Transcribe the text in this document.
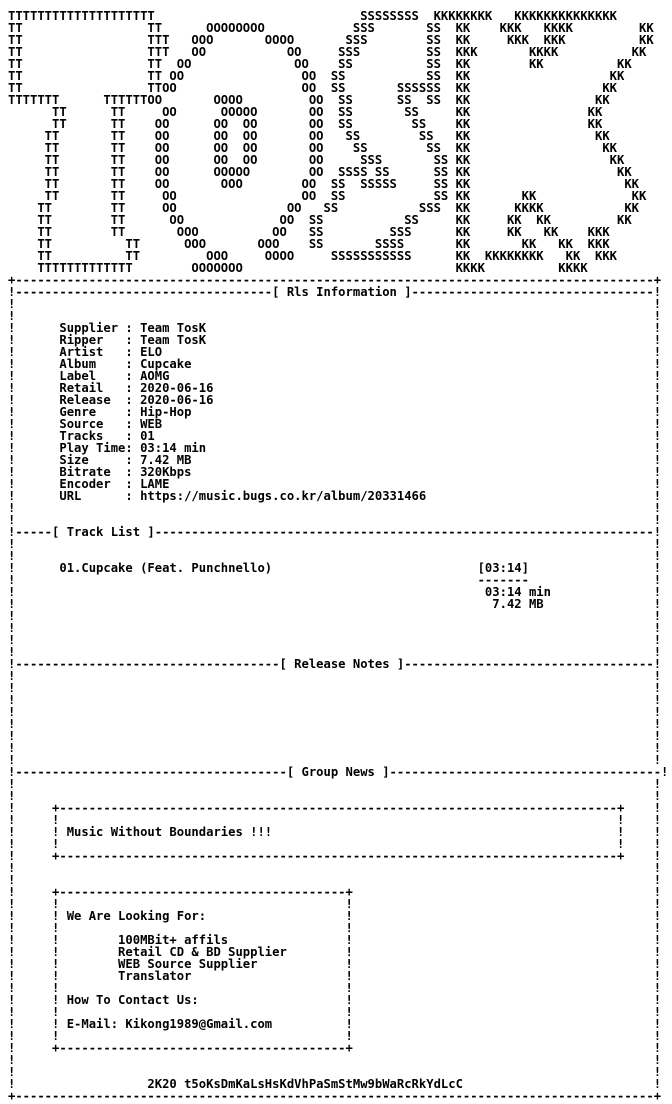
TTTTTTTTTTTTTTTTTTTT                            SSSSSSSS  KKKKKKKK   KKKKKKKKKKKKKK
TT                 TT      OOOOOOOO            SSS       SS  KK    KKK   KKKK         KK
TT                 TTT   OOO       OOOO       SSS        SS  KK     KKK  KKK          KK
TT                 TTT   OO           OO     SSS         SS  KKK       KKKK          KK
TT                 TT  OO              OO    SS          SS  KK        KK          KK
TT                 TT OO                OO  SS           SS  KK                   KK
TT                 TTOO                 OO  SS       SSSSSS  KK                  KK
TTTTTTT      TTTTTTOO       OOOO         OO  SS      SS  SS  KK                 KK
TT      TT     OO      OOOOO       OO  SS       SS     KK                KK
TT      TT    OO      OO  OO       OO  SS        SS    KK                KK
TT       TT    OO      OO  OO       OO   SS        SS   KK                 KK
TT       TT    OO      OO  OO       OO    SS        SS  KK                  KK
TT       TT    OO      OO  OO       OO     SSS       SS KK                   KK
TT       TT    OO      OOOOO        OO  SSSS SS      SS KK                    KK
TT       TT    OO       OOO        OO  SS  SSSSS     SS KK                     KK
TT       TT     OO                 OO  SS            SS KK       KK             KK
TT        TT     OO               OO   SS           SSS  KK      KKKK           KK
TT        TT      OO             OO  SS           SS     KK     KK  KK         KK
TT        TT       OOO          OO   SS         SSS      KK     KK   KK    KKK
TT          TT      OOO       OOO    SS       SSSS       KK       KK   KK  KKK
TT          TT         OOO     OOOO     SSSSSSSSSSS      KK  KKKKKKKK   KK  KKK
TTTTTTTTTTTTT        OOOOOOO                             KKKK          KKKK
+---------------------------------------------------------------------------------------+
!-----------------------------------[ Rls Information ]---------------------------------!
!                                                                                       !
!                                                                                       !
!      Supplier : Team TosK                                                             !
!      Ripper   : Team TosK                                                             !
!      Artist   : ELO                                                                   !
!      Album    : Cupcake                                                               !
!      Label    : AOMG                                                                  !
!      Retail   : 2020-06-16                                                            !
!      Release  : 2020-06-16                                                            !
!      Genre    : Hip-Hop                                                               !
!      Source   : WEB                                                                   !
!      Tracks   : 01                                                                    !
!      Play Time: 03:14 min                                                             !
!      Size     : 7.42 MB                                                               !
!      Bitrate  : 320Kbps                                                               !
!      Encoder  : LAME                                                                  !
!      URL      : https://music.bugs.co.kr/album/20331466                               !
!                                                                                       !
!                                                                                       !
!-----[ Track List ]--------------------------------------------------------------------!
!                                                                                       !
!                                                                                       !
!      01.Cupcake (Feat. Punchnello)                            [03:14]                 !
!                                                               -------                 !
!                                                                03:14 min              !
!                                                                 7.42 MB               !
!                                                                                       !
!                                                                                       !
!                                                                                       !
!                                                                                       !
!------------------------------------[ Release Notes ]----------------------------------!
!                                                                                       !
!                                                                                       !
!                                                                                       !
!                                                                                       !
!                                                                                       !
!                                                                                       !
!                                                                                       !
!                                                                                       !
!-------------------------------------[ Group News ]-------------------------------------!
!                                                                                       !
!                                                                                       !
!     +----------------------------------------------------------------------------+    !
!     !                                                                            !    !
!     ! Music Without Boundaries !!!                                               !    !
!     !                                                                            !    !
!     +----------------------------------------------------------------------------+    !
!                                                                                       !
!                                                                                       !
!     +---------------------------------------+                                         !
!     !                                       !                                         !
!     ! We Are Looking For:                   !                                         !
!     !                                       !                                         !
!     !        100MBit+ affils                !                                         !
!     !        Retail CD & BD Supplier        !                                         !
!     !        WEB Source Supplier            !                                         !
!     !        Translator                     !                                         !
!     !                                       !                                         !
!     ! How To Contact Us:                    !                                         !
!     !                                       !                                         !
!     ! E-Mail: Kikong1989@Gmail.com          !                                         !
!     !                                       !                                         !
!     +---------------------------------------+                                         !
!                                                                                       !
!                                                                                       !
!                  2K20 t5oKsDmKaLsHsKdVhPaSmStMw9bWaRcRkYdLcC                          !
+---------------------------------------------------------------------------------------+
